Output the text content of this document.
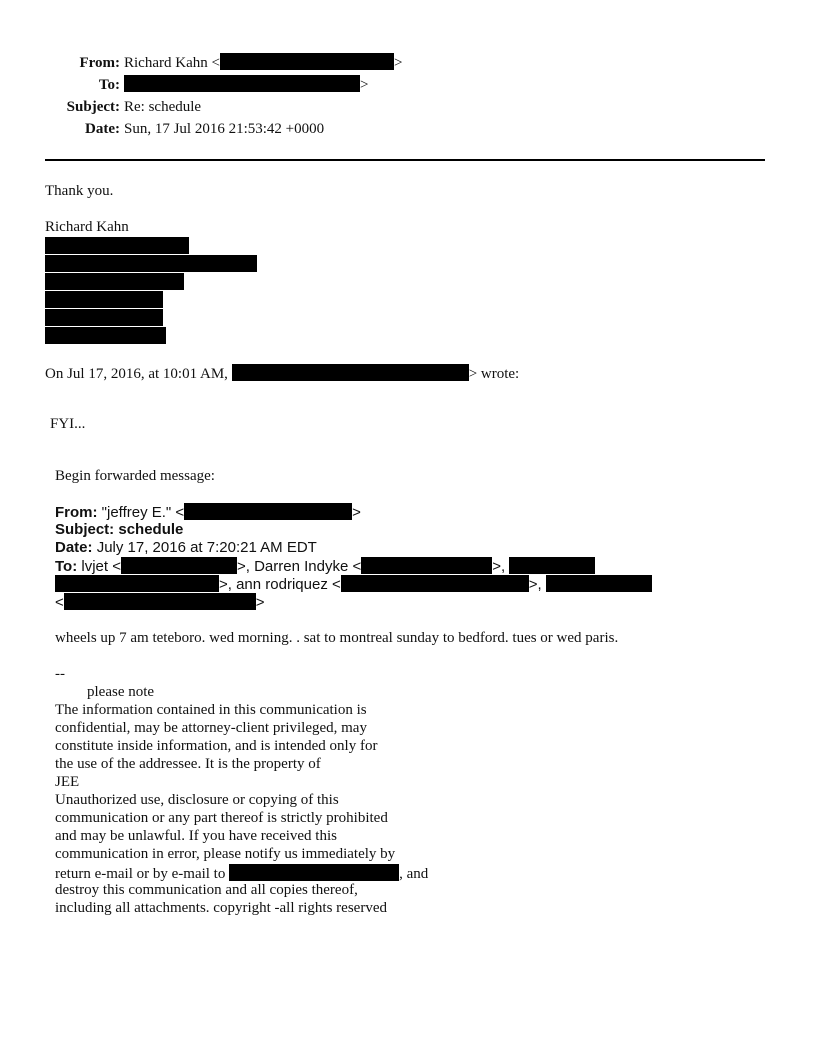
From: Richard Kahn <	>
To:	>
Subject: Re: schedule
Date: Sun, 17 Jul 2016 21:53:42 +0000
Thank you.
Richard Kahn
On Jul 17, 2016, at 10:01 AM,	> wrote:
FYI...
Begin forwarded message:
From: "jeffrey E." <	>
Subject: schedule
Date: July 17, 2016 at 7:20:21 AM EDT
To: lvjet <	>, Darren Indyke <	>,
>, ann rodriquez <	>,
<	>
wheels up 7 am teteboro. wed morning. . sat to montreal sunday to bedford. tues or wed paris.
--
please note
The information contained in this communication is
confidential, may be attorney-client privileged, may
constitute inside information, and is intended only for
the use of the addressee. It is the property of
JEE
Unauthorized use, disclosure or copying of this
communication or any part thereof is strictly prohibited
and may be unlawful. If you have received this
communication in error, please notify us immediately by
return e-mail or by e-mail to	, and
destroy this communication and all copies thereof,
including all attachments. copyright -all rights reserved
